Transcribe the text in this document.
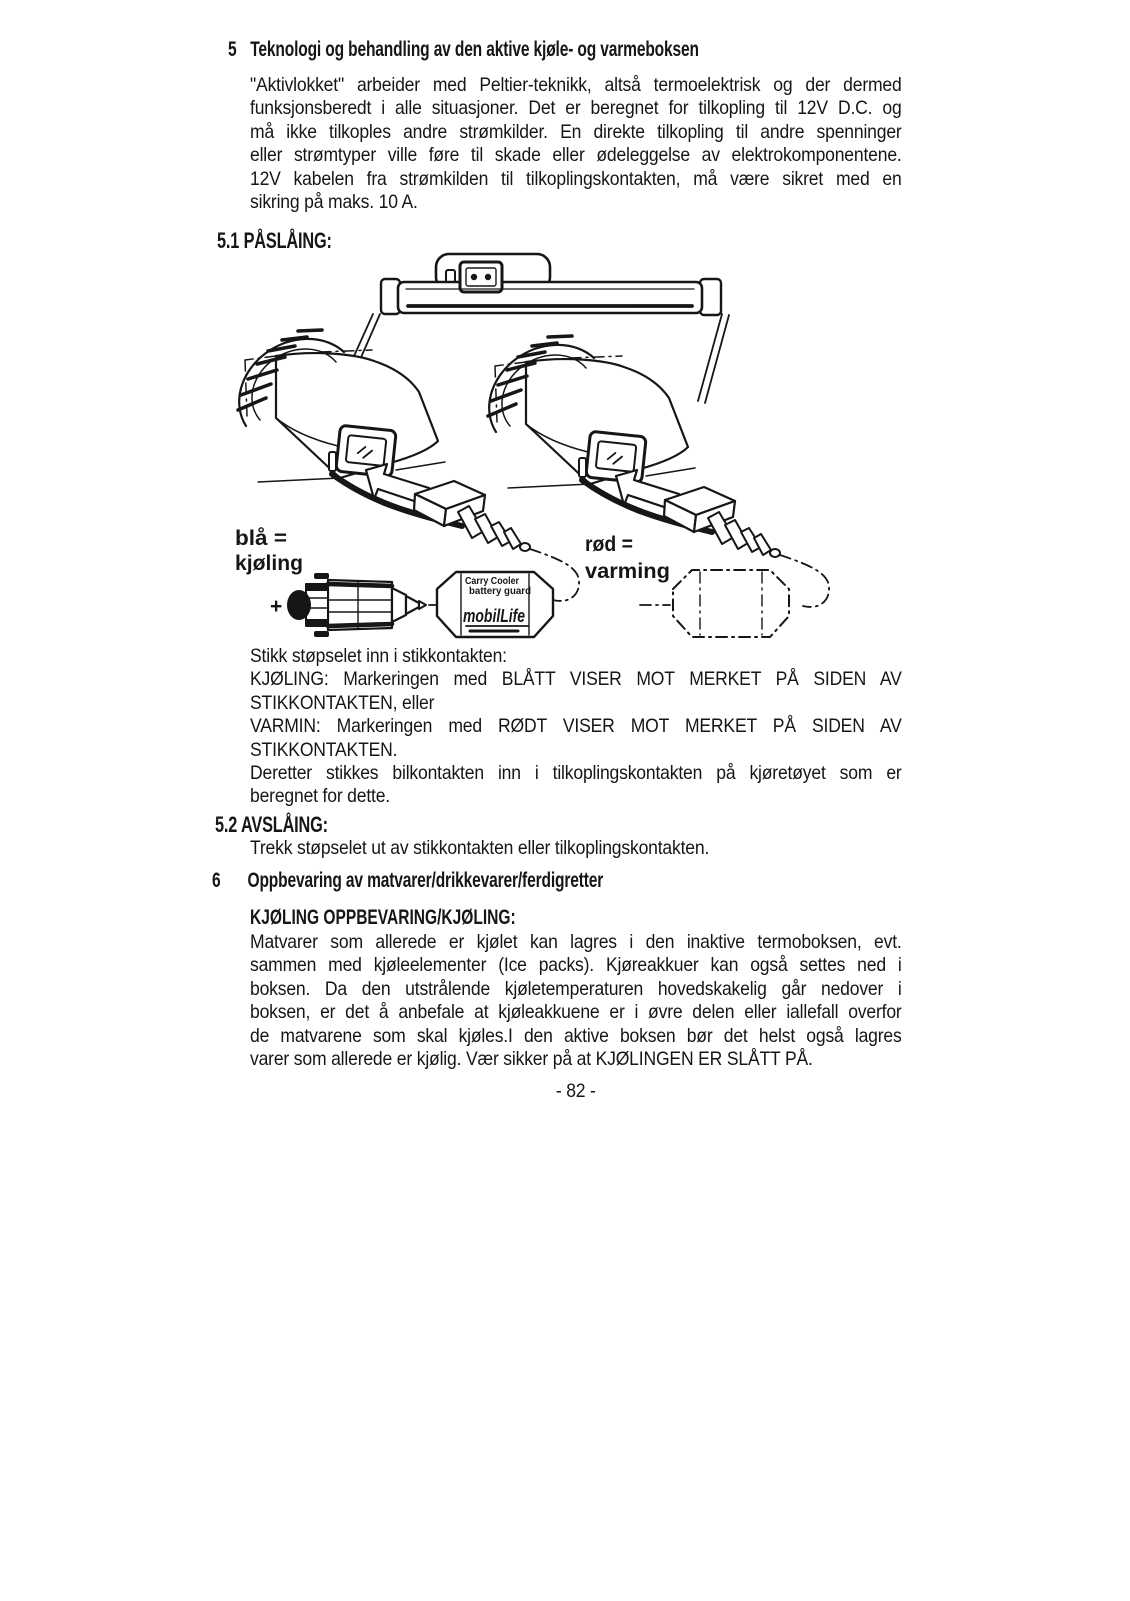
5 Teknologi og behandling av den aktive kjøle- og varmeboksen
"Aktivlokket" arbeider med Peltier-teknikk, altså termoelektrisk og der dermed
funksjonsberedt i alle situasjoner. Det er beregnet for tilkopling til 12V D.C. og
må ikke tilkoples andre strømkilder. En direkte tilkopling til andre spenninger
eller strømtyper ville føre til skade eller ødeleggelse av elektrokomponentene.
12V kabelen fra strømkilden til tilkoplingskontakten, må være sikret med en
sikring på maks. 10 A.
5.1 PÅSLÅING:
+
Carry Cooler
battery guard
mobilLife
blå =
kjøling
rød =
varming
Stikk støpselet inn i stikkontakten:
KJØLING: Markeringen med BLÅTT VISER MOT MERKET PÅ SIDEN AV
STIKKONTAKTEN, eller
VARMIN: Markeringen med RØDT VISER MOT MERKET PÅ SIDEN AV
STIKKONTAKTEN.
Deretter stikkes bilkontakten inn i tilkoplingskontakten på kjøretøyet som er
beregnet for dette.
5.2 AVSLÅING:
Trekk støpselet ut av stikkontakten eller tilkoplingskontakten.
6 Oppbevaring av matvarer/drikkevarer/ferdigretter
KJØLING OPPBEVARING/KJØLING:
Matvarer som allerede er kjølet kan lagres i den inaktive termoboksen, evt.
sammen med kjøleelementer (Ice packs). Kjøreakkuer kan også settes ned i
boksen. Da den utstrålende kjøletemperaturen hovedskakelig går nedover i
boksen, er det å anbefale at kjøleakkuene er i øvre delen eller iallefall overfor
de matvarene som skal kjøles.I den aktive boksen bør det helst også lagres
varer som allerede er kjølig. Vær sikker på at KJØLINGEN ER SLÅTT PÅ.
- 82 -
